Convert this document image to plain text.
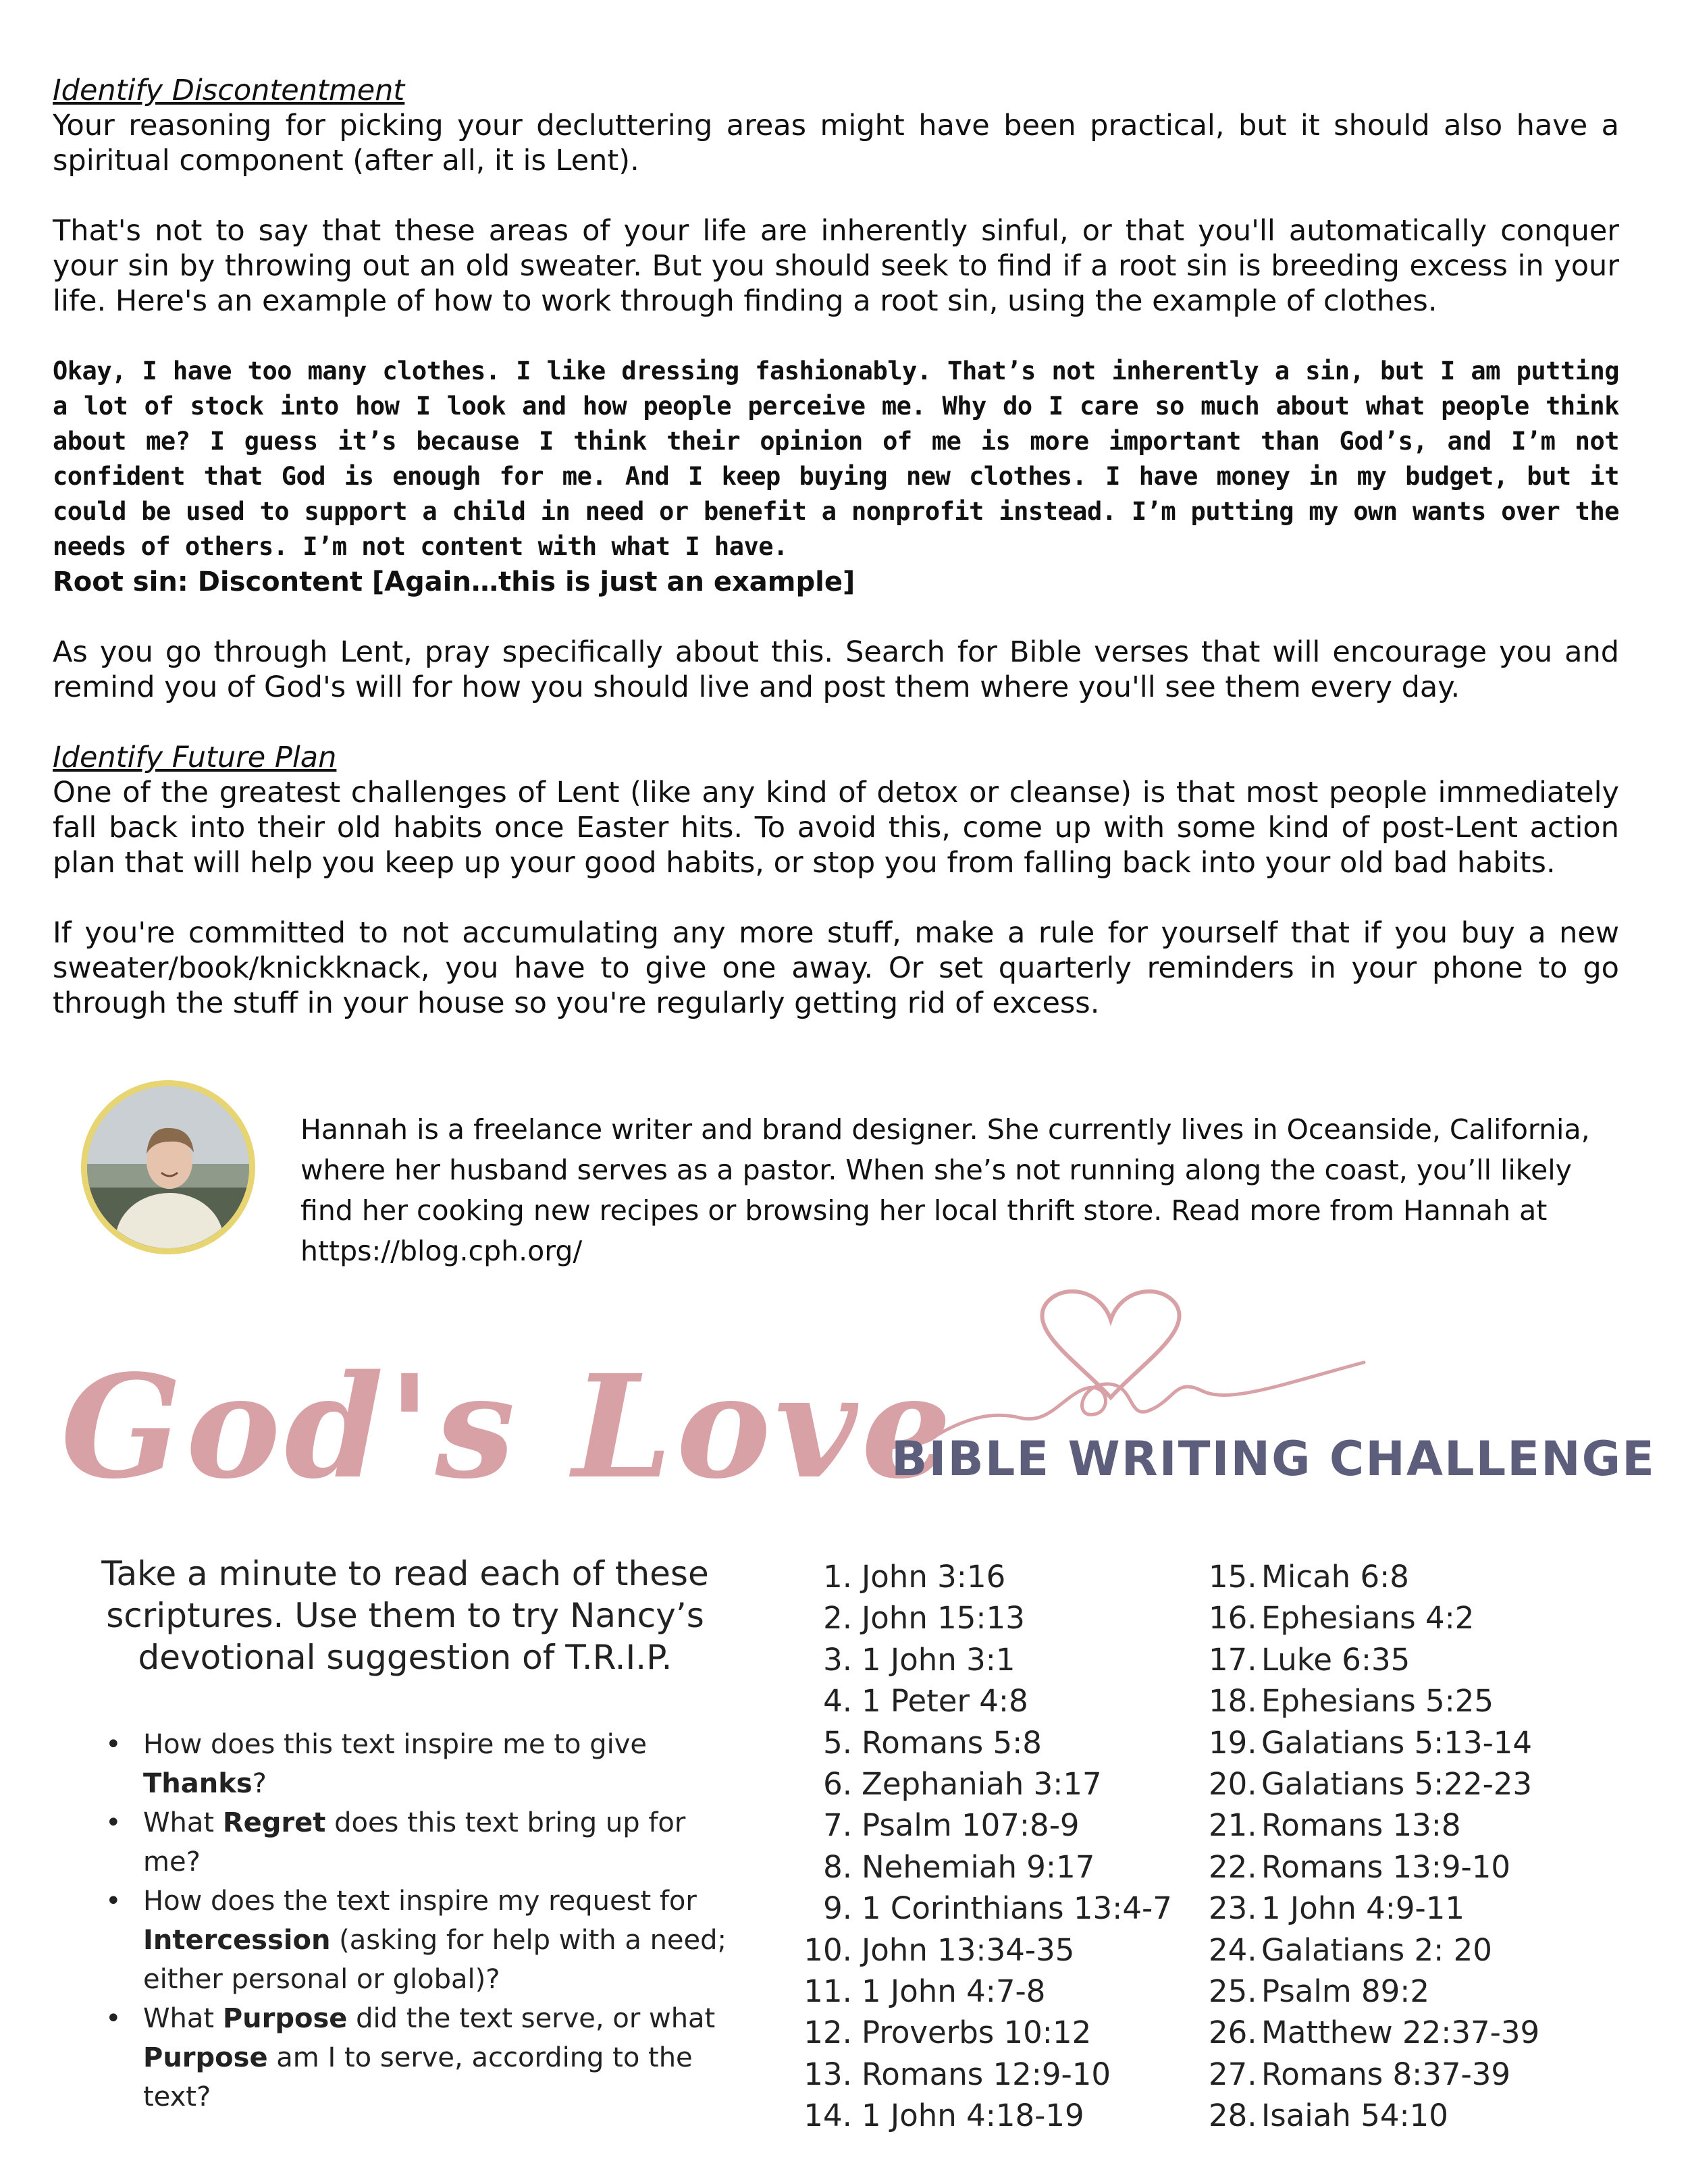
Identify Discontentment

Your reasoning for picking your decluttering areas might have been practical, but it should also have a spiritual component (after all, it is Lent).

That's not to say that these areas of your life are inherently sinful, or that you'll automatically conquer your sin by throwing out an old sweater. But you should seek to find if a root sin is breeding excess in your life. Here's an example of how to work through finding a root sin, using the example of clothes.

Okay, I have too many clothes. I like dressing fashionably. That’s not inherently a sin, but I am putting a lot of stock into how I look and how people perceive me. Why do I care so much about what people think about me? I guess it’s because I think their opinion of me is more important than God’s, and I’m not confident that God is enough for me. And I keep buying new clothes. I have money in my budget, but it could be used to support a child in need or benefit a nonprofit instead. I’m putting my own wants over the needs of others. I’m not content with what I have.

Root sin: Discontent [Again…this is just an example]

As you go through Lent, pray specifically about this. Search for Bible verses that will encourage you and remind you of God's will for how you should live and post them where you'll see them every day.

Identify Future Plan

One of the greatest challenges of Lent (like any kind of detox or cleanse) is that most people immediately fall back into their old habits once Easter hits. To avoid this, come up with some kind of post-Lent action plan that will help you keep up your good habits, or stop you from falling back into your old bad habits.

If you're committed to not accumulating any more stuff, make a rule for yourself that if you buy a new sweater/book/knickknack, you have to give one away. Or set quarterly reminders in your phone to go through the stuff in your house so you're regularly getting rid of excess.

Hannah is a freelance writer and brand designer. She currently lives in Oceanside, California, where her husband serves as a pastor. When she’s not running along the coast, you’ll likely find her cooking new recipes or browsing her local thrift store. Read more from Hannah at https://blog.cph.org/

God's Love
BIBLE WRITING CHALLENGE

Take a minute to read each of these scriptures. Use them to try Nancy’s devotional suggestion of T.R.I.P.

• How does this text inspire me to give Thanks?
• What Regret does this text bring up for me?
• How does the text inspire my request for Intercession (asking for help with a need; either personal or global)?
• What Purpose did the text serve, or what Purpose am I to serve, according to the text?
1. John 3:16
2. John 15:13
3. 1 John 3:1
4. 1 Peter 4:8
5. Romans 5:8
6. Zephaniah 3:17
7. Psalm 107:8-9
8. Nehemiah 9:17
9. 1 Corinthians 13:4-7
10. John 13:34-35
11. 1 John 4:7-8
12. Proverbs 10:12
13. Romans 12:9-10
14. 1 John 4:18-19
15. Micah 6:8
16. Ephesians 4:2
17. Luke 6:35
18. Ephesians 5:25
19. Galatians 5:13-14
20. Galatians 5:22-23
21. Romans 13:8
22. Romans 13:9-10
23. 1 John 4:9-11
24. Galatians 2: 20
25. Psalm 89:2
26. Matthew 22:37-39
27. Romans 8:37-39
28. Isaiah 54:10
